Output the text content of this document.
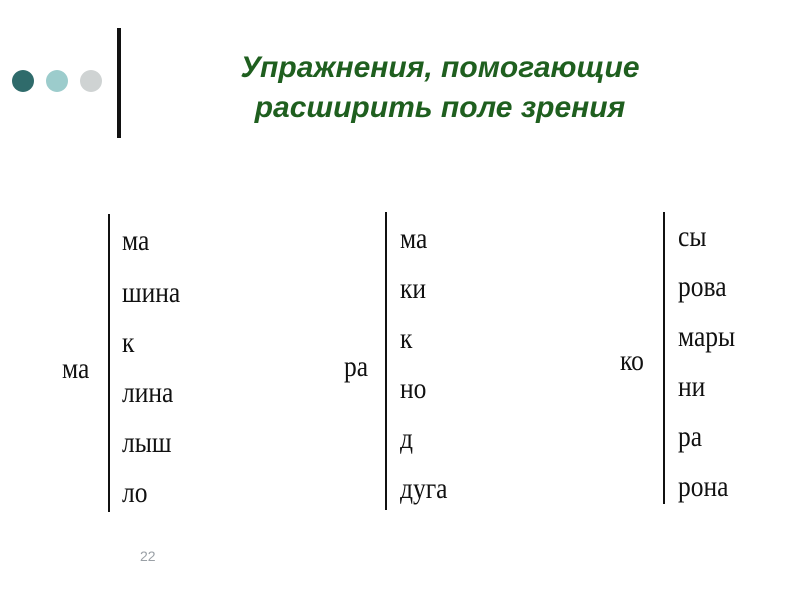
Упражнения, помогающие
расширить поле зрения
ма
ма
шина
к
лина
лыш
ло
ра
ма
ки
к
но
д
дуга
ко
сы
рова
мары
ни
ра
рона
22
